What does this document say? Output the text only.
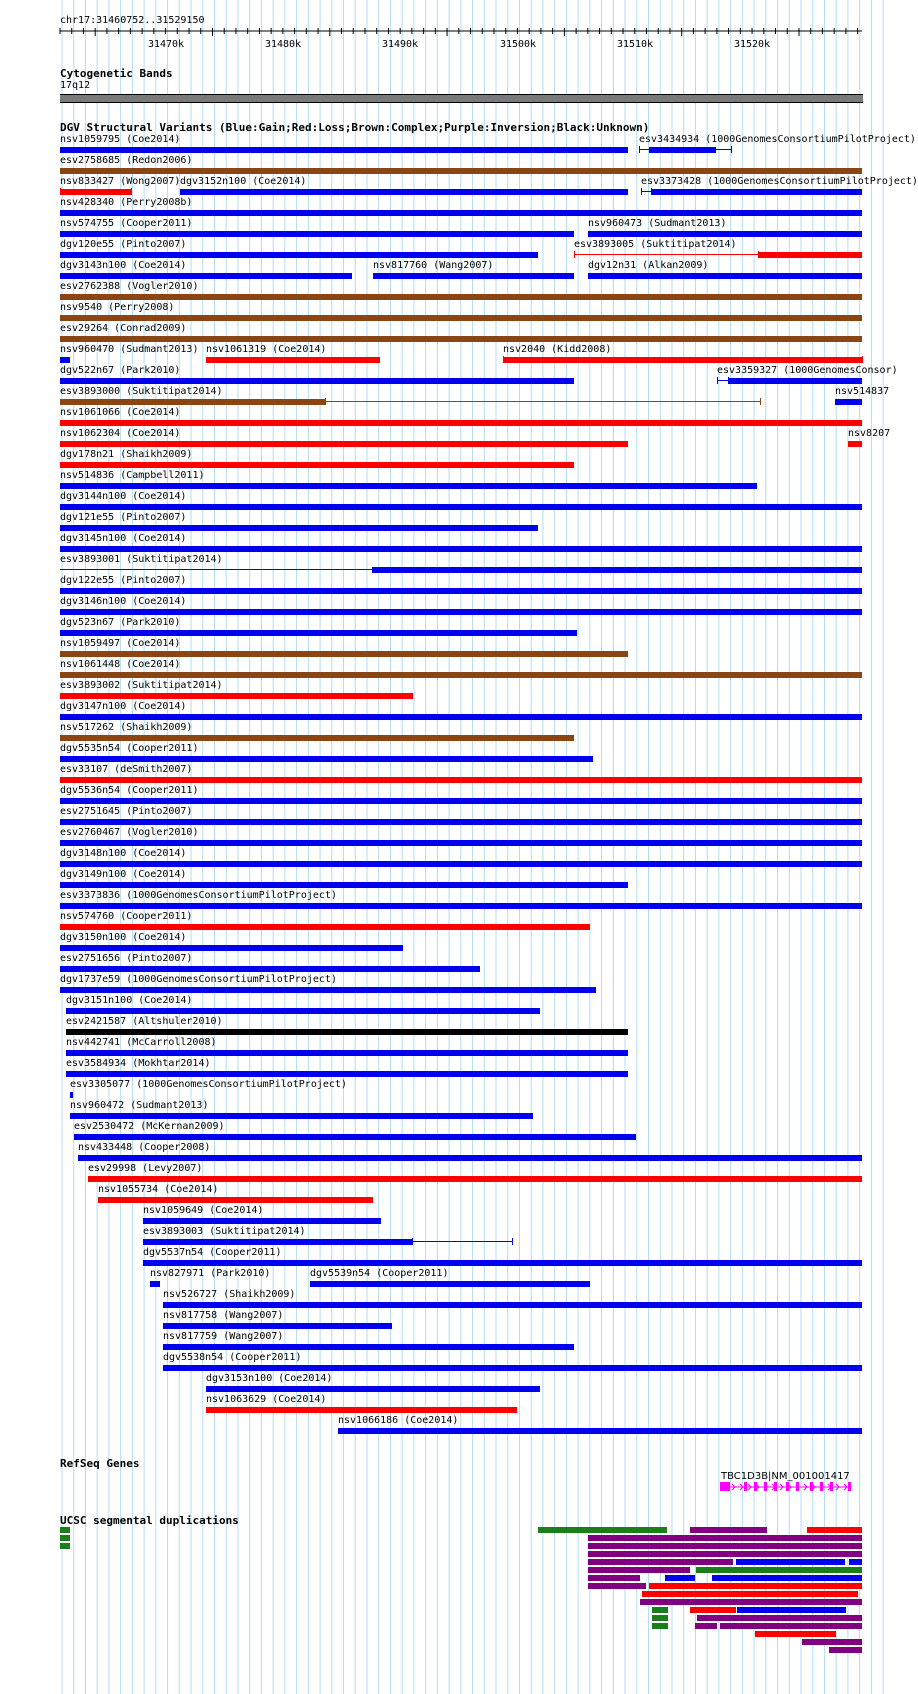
chr17:31460752..31529150
31470k	31480k	31490k	31500k	31510k	31520k
Cytogenetic Bands
17q12
DGV Structural Variants (Blue:Gain;Red:Loss;Brown:Complex;Purple:Inversion;Black:Unknown)
nsv1059795 (Coe2014)	esv3434934 (1000GenomesConsortiumPilotProject)
esv2758685 (Redon2006)
nsv833427 (Wong2007) dgv3152n100 (Coe2014)	esv3373428 (1000GenomesConsortiumPilotProject)
nsv428340 (Perry2008b)
nsv574755 (Cooper2011)	nsv960473 (Sudmant2013)
dgv120e55 (Pinto2007)	esv3893005 (Suktitipat2014)
dgv3143n100 (Coe2014)	nsv817760 (Wang2007)	dgv12n31 (Alkan2009)
esv2762388 (Vogler2010)
nsv9540 (Perry2008)
esv29264 (Conrad2009)
nsv960470 (Sudmant2013) nsv1061319 (Coe2014)	nsv2040 (Kidd2008)
dgv522n67 (Park2010)	esv3359327 (1000GenomesConsor)
esv3893000 (Suktitipat2014)	nsv514837
nsv1061066 (Coe2014)
nsv1062304 (Coe2014)	nsv8207
dgv178n21 (Shaikh2009)
nsv514836 (Campbell2011)
dgv3144n100 (Coe2014)
dgv121e55 (Pinto2007)
dgv3145n100 (Coe2014)
esv3893001 (Suktitipat2014)
dgv122e55 (Pinto2007)
dgv3146n100 (Coe2014)
dgv523n67 (Park2010)
nsv1059497 (Coe2014)
nsv1061448 (Coe2014)
esv3893002 (Suktitipat2014)
dgv3147n100 (Coe2014)
nsv517262 (Shaikh2009)
dgv5535n54 (Cooper2011)
esv33107 (deSmith2007)
dgv5536n54 (Cooper2011)
esv2751645 (Pinto2007)
esv2760467 (Vogler2010)
dgv3148n100 (Coe2014)
dgv3149n100 (Coe2014)
esv3373836 (1000GenomesConsortiumPilotProject)
nsv574760 (Cooper2011)
dgv3150n100 (Coe2014)
esv2751656 (Pinto2007)
dgv1737e59 (1000GenomesConsortiumPilotProject)
dgv3151n100 (Coe2014)
esv2421587 (Altshuler2010)
nsv442741 (McCarroll2008)
esv3584934 (Mokhtar2014)
esv3305077 (1000GenomesConsortiumPilotProject)
nsv960472 (Sudmant2013)
esv2530472 (McKernan2009)
nsv433448 (Cooper2008)
esv29998 (Levy2007)
nsv1055734 (Coe2014)
nsv1059649 (Coe2014)
esv3893003 (Suktitipat2014)
dgv5537n54 (Cooper2011)
nsv827971 (Park2010)	dgv5539n54 (Cooper2011)
nsv526727 (Shaikh2009)
nsv817758 (Wang2007)
nsv817759 (Wang2007)
dgv5538n54 (Cooper2011)
dgv3153n100 (Coe2014)
nsv1063629 (Coe2014)
nsv1066186 (Coe2014)
RefSeq Genes
TBC1D3B|NM_001001417
UCSC segmental duplications
